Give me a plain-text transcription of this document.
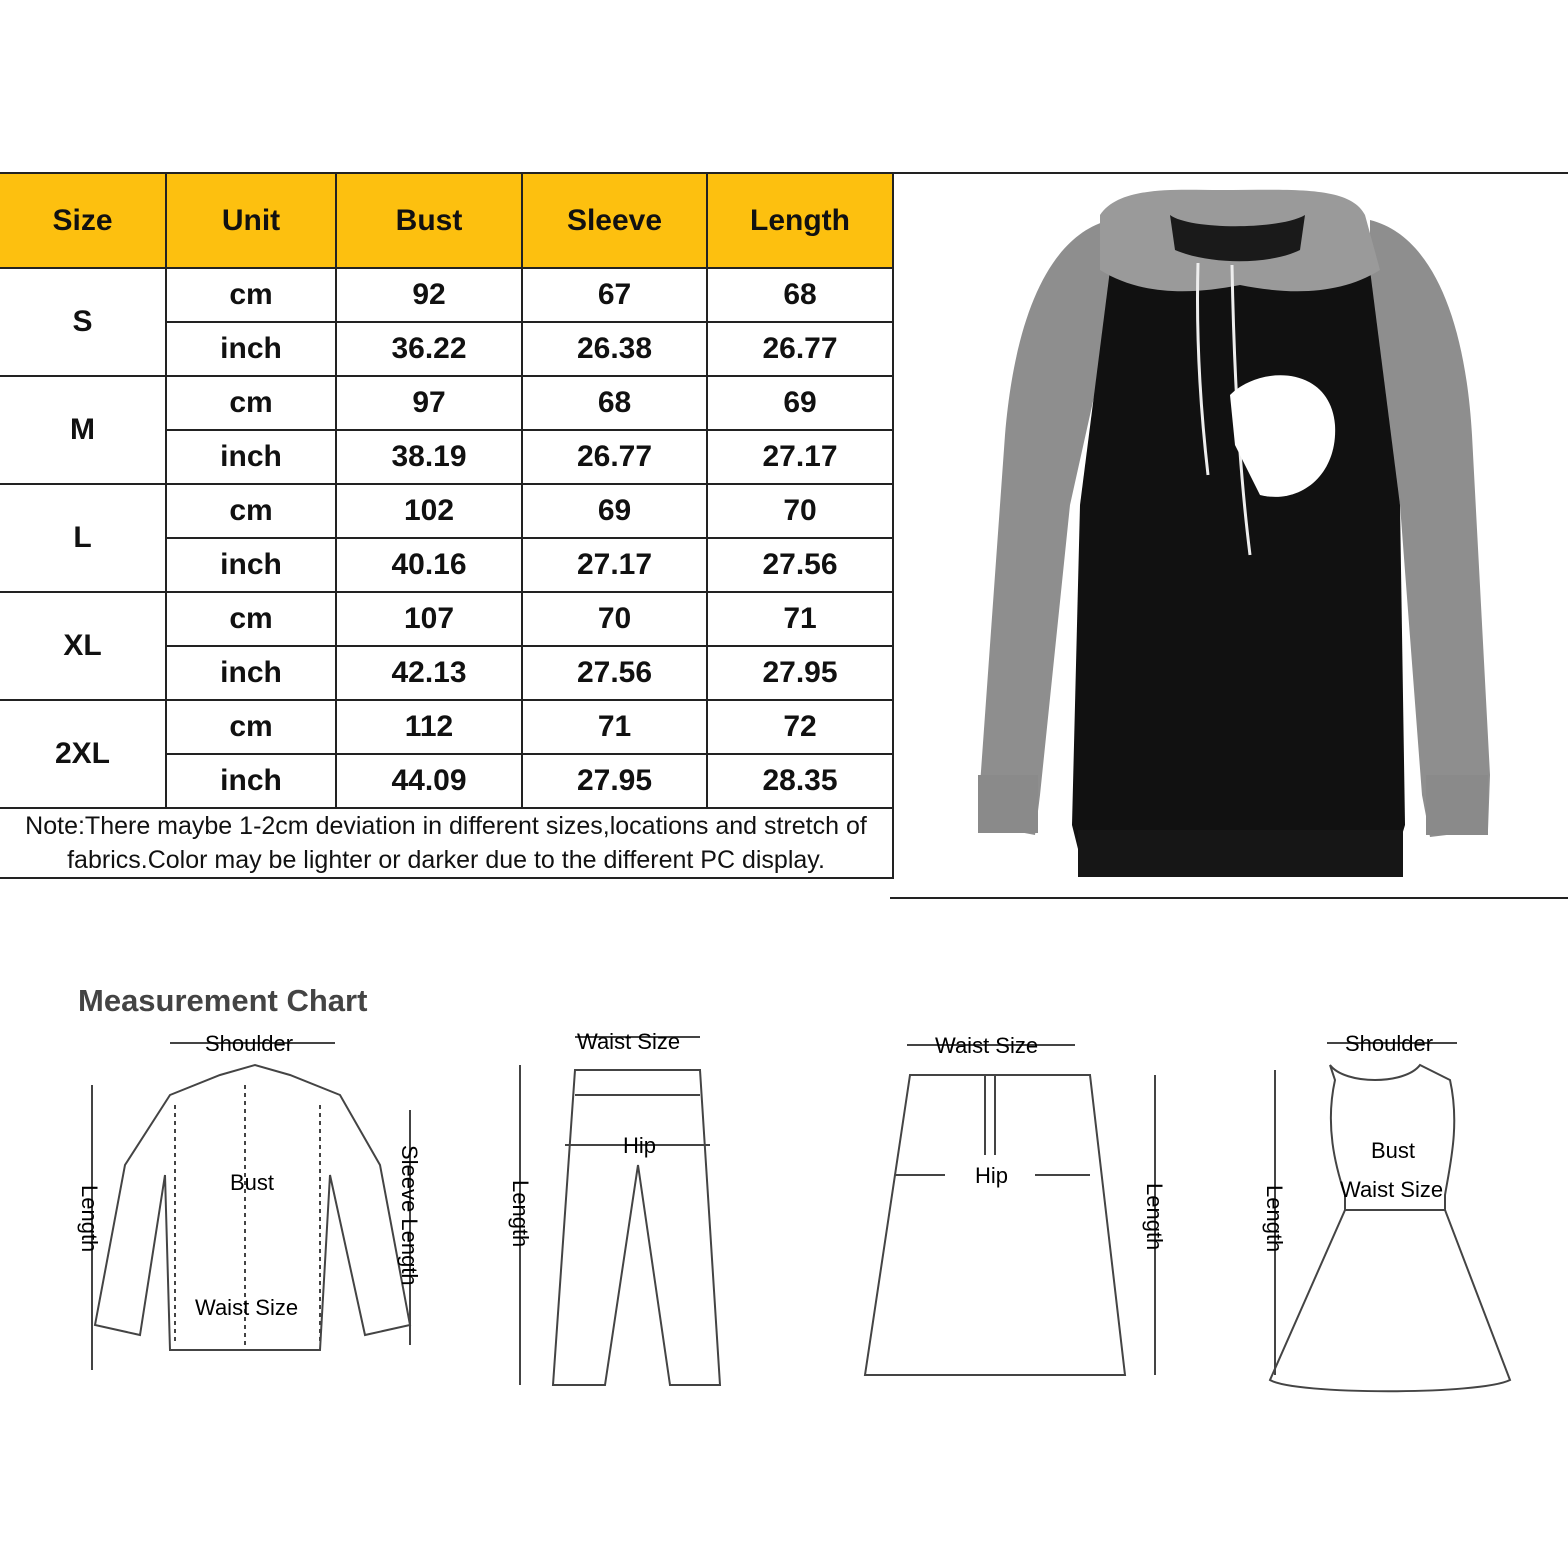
Size	Unit	Bust	Sleeve	Length
S	cm	92	67	68
	inch	36.22	26.38	26.77
M	cm	97	68	69
	inch	38.19	26.77	27.17
L	cm	102	69	70
	inch	40.16	27.17	27.56
XL	cm	107	70	71
	inch	42.13	27.56	27.95
2XL	cm	112	71	72
	inch	44.09	27.95	28.35
Note:There maybe 1-2cm deviation in different sizes,locations and stretch of
fabrics.Color may be lighter or darker due to the different PC display.				
Measurement Chart
Shoulder
Bust
Waist Size
Length	Sleeve Length
Waist Size
Hip
Length
Waist Size
Hip
Length
Shoulder
Bust
Waist Size
Length
